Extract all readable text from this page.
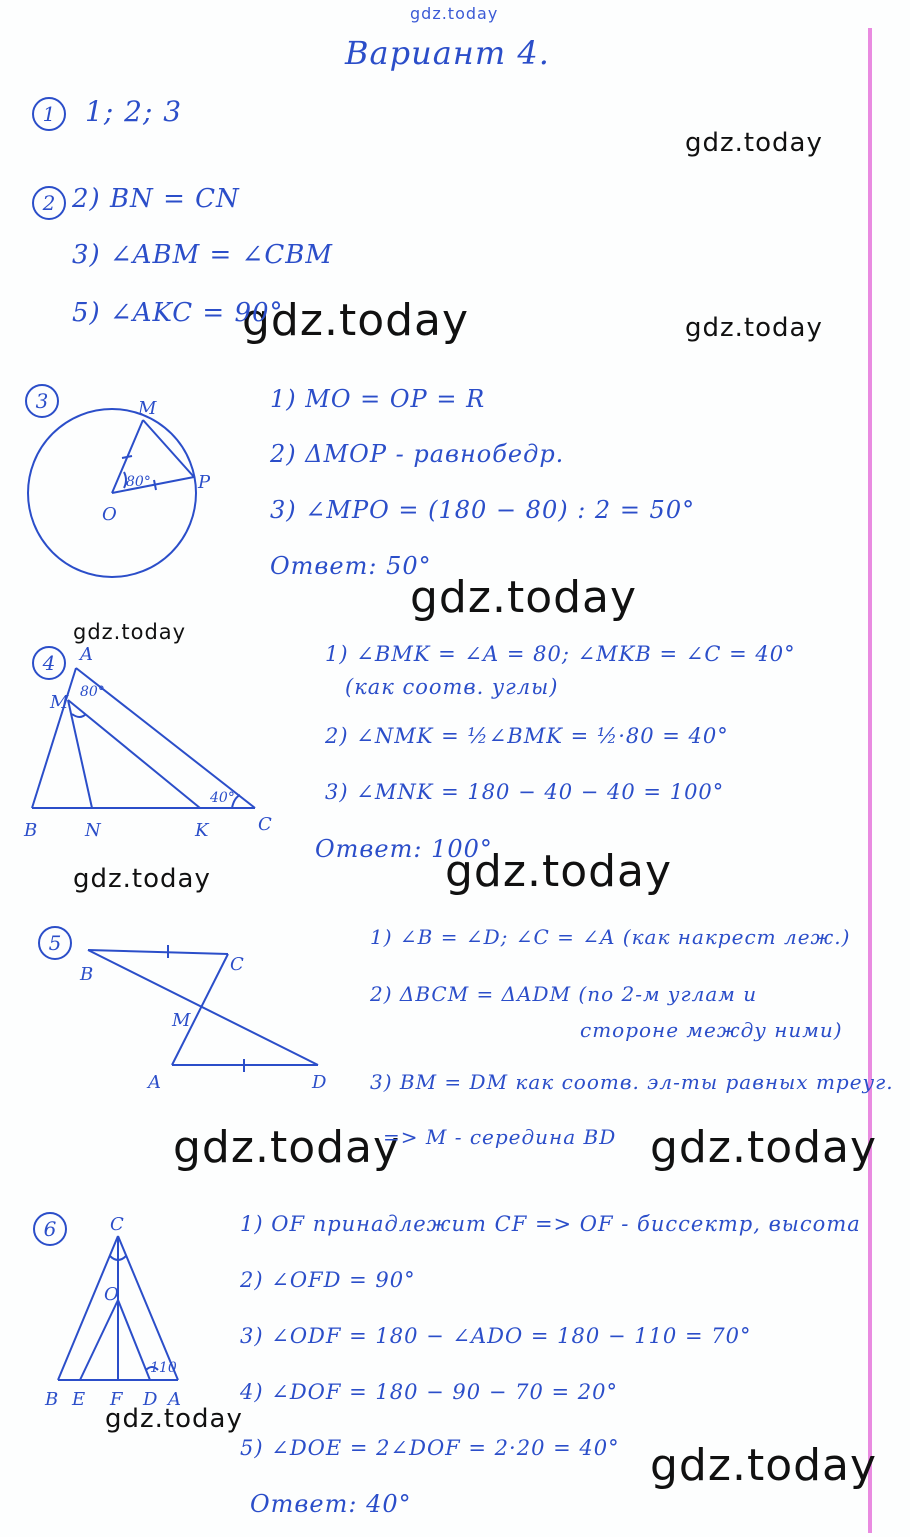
gdz.today
Вариант 4.
gdz.today
gdz.today	gdz.today
gdz.today
gdz.today
gdz.today
gdz.today
gdz.today	gdz.today
gdz.today
gdz.today
1	1; 2; 3
2 2) BN = CN
3) ∠ABM = ∠CBM
5) ∠AKC = 90°
3	1) MO = OP = R
2) ΔMOP - равнобедр.
3) ∠MPO = (180 − 80) : 2 = 50°
Ответ: 50°
4	1) ∠BMK = ∠A = 80; ∠MKB = ∠C = 40°
(как соотв. углы)
2) ∠NMK = ½∠BMK = ½·80 = 40°
3) ∠MNK = 180 − 40 − 40 = 100°
Ответ: 100°
5	1) ∠B = ∠D; ∠C = ∠A (как накрест леж.)
2) ΔBCM = ΔADM (по 2-м углам и
стороне между ними)
3) BM = DM как соотв. эл-ты равных треуг.
=> M - середина BD
6	1) OF принадлежит CF => OF - биссектр, высота
2) ∠OFD = 90°
3) ∠ODF = 180 − ∠ADO = 180 − 110 = 70°
4) ∠DOF = 180 − 90 − 70 = 20°
5) ∠DOE = 2∠DOF = 2·20 = 40°
Ответ: 40°
M
P
O
80°
A
M
B	N	K	C
80°
40°
B	C
M
A	D
C
O
B E F D A
110
